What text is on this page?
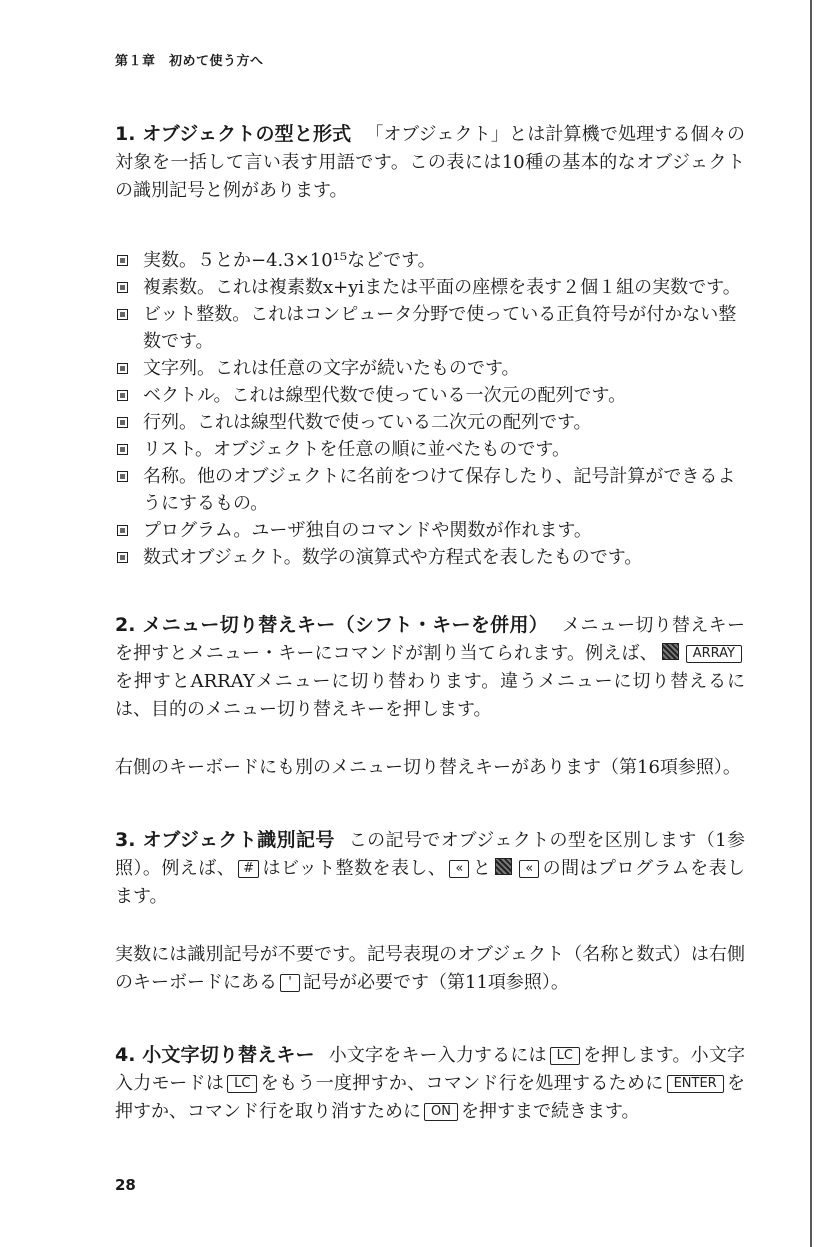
第１章　初めて使う方へ

1. オブジェクトの型と形式 「オブジェクト」とは計算機で処理する個々の対象を一括して言い表す用語です。この表には10種の基本的なオブジェクトの識別記号と例があります。

実数。５とか−4.3×10¹⁵などです。
複素数。これは複素数x+yiまたは平面の座標を表す２個１組の実数です。
ビット整数。これはコンピュータ分野で使っている正負符号が付かない整数です。
文字列。これは任意の文字が続いたものです。
ベクトル。これは線型代数で使っている一次元の配列です。
行列。これは線型代数で使っている二次元の配列です。
リスト。オブジェクトを任意の順に並べたものです。
名称。他のオブジェクトに名前をつけて保存したり、記号計算ができるようにするもの。
プログラム。ユーザ独自のコマンドや関数が作れます。
数式オブジェクト。数学の演算式や方程式を表したものです。

2. メニュー切り替えキー（シフト・キーを併用） メニュー切り替えキーを押すとメニュー・キーにコマンドが割り当てられます。例えば、	ARRAYを押すとARRAYメニューに切り替わります。違うメニューに切り替えるには、目的のメニュー切り替えキーを押します。

右側のキーボードにも別のメニュー切り替えキーがあります（第16項参照）。

3. オブジェクト識別記号 この記号でオブジェクトの型を区別します（1参照）。例えば、 # はビット整数を表し、 « と	« の間はプログラムを表します。

実数には識別記号が不要です。記号表現のオブジェクト（名称と数式）は右側のキーボードにある ' 記号が必要です（第11項参照）。

4. 小文字切り替えキー 小文字をキー入力するには LC を押します。小文字入力モードは LC をもう一度押すか、コマンド行を処理するために ENTER を押すか、コマンド行を取り消すために ON を押すまで続きます。

28
